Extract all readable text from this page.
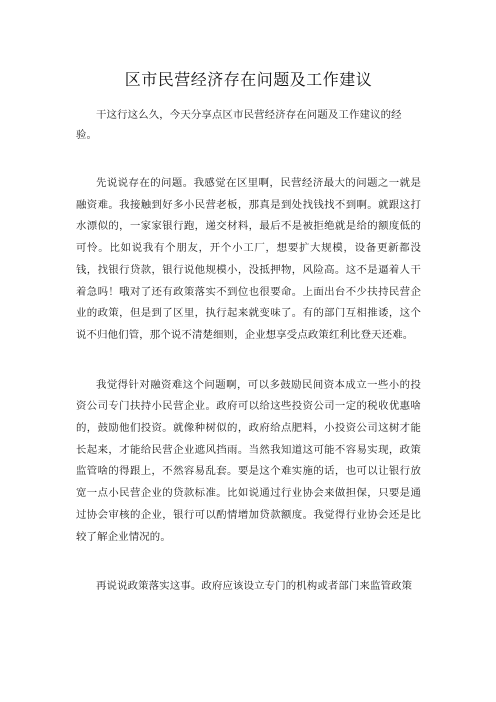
区市民营经济存在问题及工作建议

干这行这么久，今天分享点区市民营经济存在问题及工作建议的经验。

先说说存在的问题。我感觉在区里啊，民营经济最大的问题之一就是融资难。我接触到好多小民营老板，那真是到处找钱找不到啊。就跟这打水漂似的，一家家银行跑，递交材料，最后不是被拒绝就是给的额度低的可怜。比如说我有个朋友，开个小工厂，想要扩大规模，设备更新都没钱，找银行贷款，银行说他规模小，没抵押物，风险高。这不是逼着人干着急吗！哦对了还有政策落实不到位也很要命。上面出台不少扶持民营企业的政策，但是到了区里，执行起来就变味了。有的部门互相推诿，这个说不归他们管，那个说不清楚细则，企业想享受点政策红利比登天还难。

我觉得针对融资难这个问题啊，可以多鼓励民间资本成立一些小的投资公司专门扶持小民营企业。政府可以给这些投资公司一定的税收优惠啥的，鼓励他们投资。就像种树似的，政府给点肥料，小投资公司这树才能长起来，才能给民营企业遮风挡雨。当然我知道这可能不容易实现，政策监管啥的得跟上，不然容易乱套。要是这个难实施的话，也可以让银行放宽一点小民营企业的贷款标准。比如说通过行业协会来做担保，只要是通过协会审核的企业，银行可以酌情增加贷款额度。我觉得行业协会还是比较了解企业情况的。

再说说政策落实这事。政府应该设立专门的机构或者部门来监管政策
